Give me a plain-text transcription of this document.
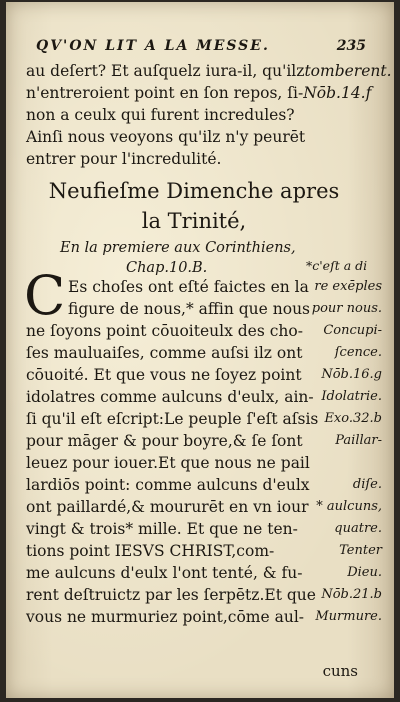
QV'ON LIT A LA MESSE.	235
au deſert? Et auſquelz iura-il, qu'ilztomberent.
n'entreroient point en ſon repos, ſi-Nōb.14.f
non a ceulx qui furent incredules?
Ainſi nous veoyons qu'ilz n'y peurēt
entrer pour l'incredulité.
Neufieſme Dimenche apres
la Trinité,
En la premiere aux Corinthiens,
Chap.10.B.	*c'eſt a di
C Es choſes ont eſté faictes en la re exēples
figure de nous,* affin que nous pour nous.
ne ſoyons point cōuoiteulx des cho- Concupi-
ſes mauluaiſes, comme auſsi ilz ont ſcence.
cōuoité. Et que vous ne ſoyez point Nōb.16.g
idolatres comme aulcuns d'eulx, ain- Idolatrie.
ſi qu'il eſt eſcript:Le peuple ſ'eſt aſsis Exo.32.b
pour māger & pour boyre,& ſe ſont	Paillar-
leuez pour iouer.Et que nous ne pail
lardiōs point: comme aulcuns d'eulx	diſe.
ont paillardé,& moururēt en vn iour * aulcuns,
vingt & trois* mille. Et que ne ten-	quatre.
tions point IESVS CHRIST,com-	Tenter
me aulcuns d'eulx l'ont tenté, & fu-	Dieu.
rent deſtruictz par les ſerpētz.Et que Nōb.21.b
vous ne murmuriez point,cōme aul- Murmure.
cuns
